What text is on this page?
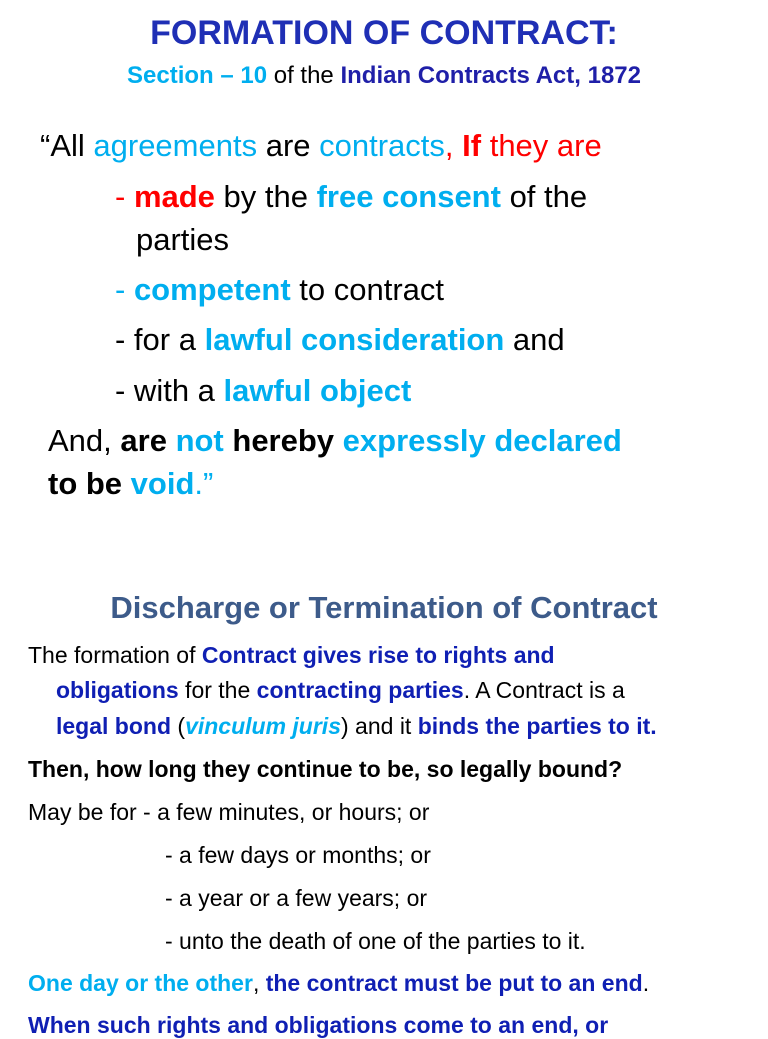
FORMATION OF CONTRACT:
Section – 10 of the Indian Contracts Act, 1872
“All agreements are contracts, If they are
- made by the free consent of the
parties
- competent to contract
- for a lawful consideration and
- with a lawful object
And, are not hereby expressly declared
to be void.”
Discharge or Termination of Contract
The formation of Contract gives rise to rights and
obligations for the contracting parties. A Contract is a
legal bond (vinculum juris) and it binds the parties to it.
Then, how long they continue to be, so legally bound?
May be for - a few minutes, or hours; or
- a few days or months; or
- a year or a few years; or
- unto the death of one of the parties to it.
One day or the other, the contract must be put to an end.
When such rights and obligations come to an end, or
